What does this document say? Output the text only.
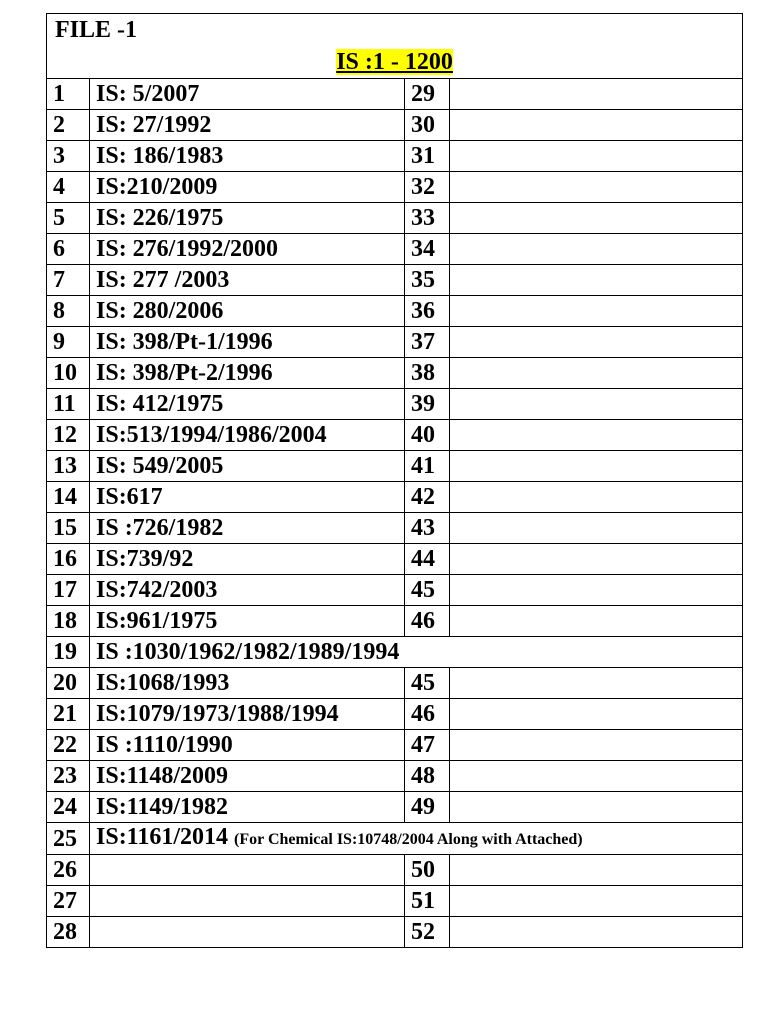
FILE -1
IS :1 - 1200			

1	IS: 5/2007	29	
2	IS: 27/1992	30	
3	IS: 186/1983	31	
4	IS:210/2009	32	
5	IS: 226/1975	33	
6	IS: 276/1992/2000	34	
7	IS: 277 /2003	35	
8	IS: 280/2006	36	
9	IS: 398/Pt-1/1996	37	
10	IS: 398/Pt-2/1996	38	
11	IS: 412/1975	39	
12	IS:513/1994/1986/2004	40	
13	IS: 549/2005	41	
14	IS:617	42	
15	IS :726/1982	43	
16	IS:739/92	44	
17	IS:742/2003	45	
18	IS:961/1975	46	
19	IS :1030/1962/1982/1989/1994		
20	IS:1068/1993	45	
21	IS:1079/1973/1988/1994	46	
22	IS :1110/1990	47	
23	IS:1148/2009	48	
24	IS:1149/1982	49	
25	IS:1161/2014 (For Chemical IS:10748/2004 Along with Attached)		
26		50	
27		51	
28		52	
